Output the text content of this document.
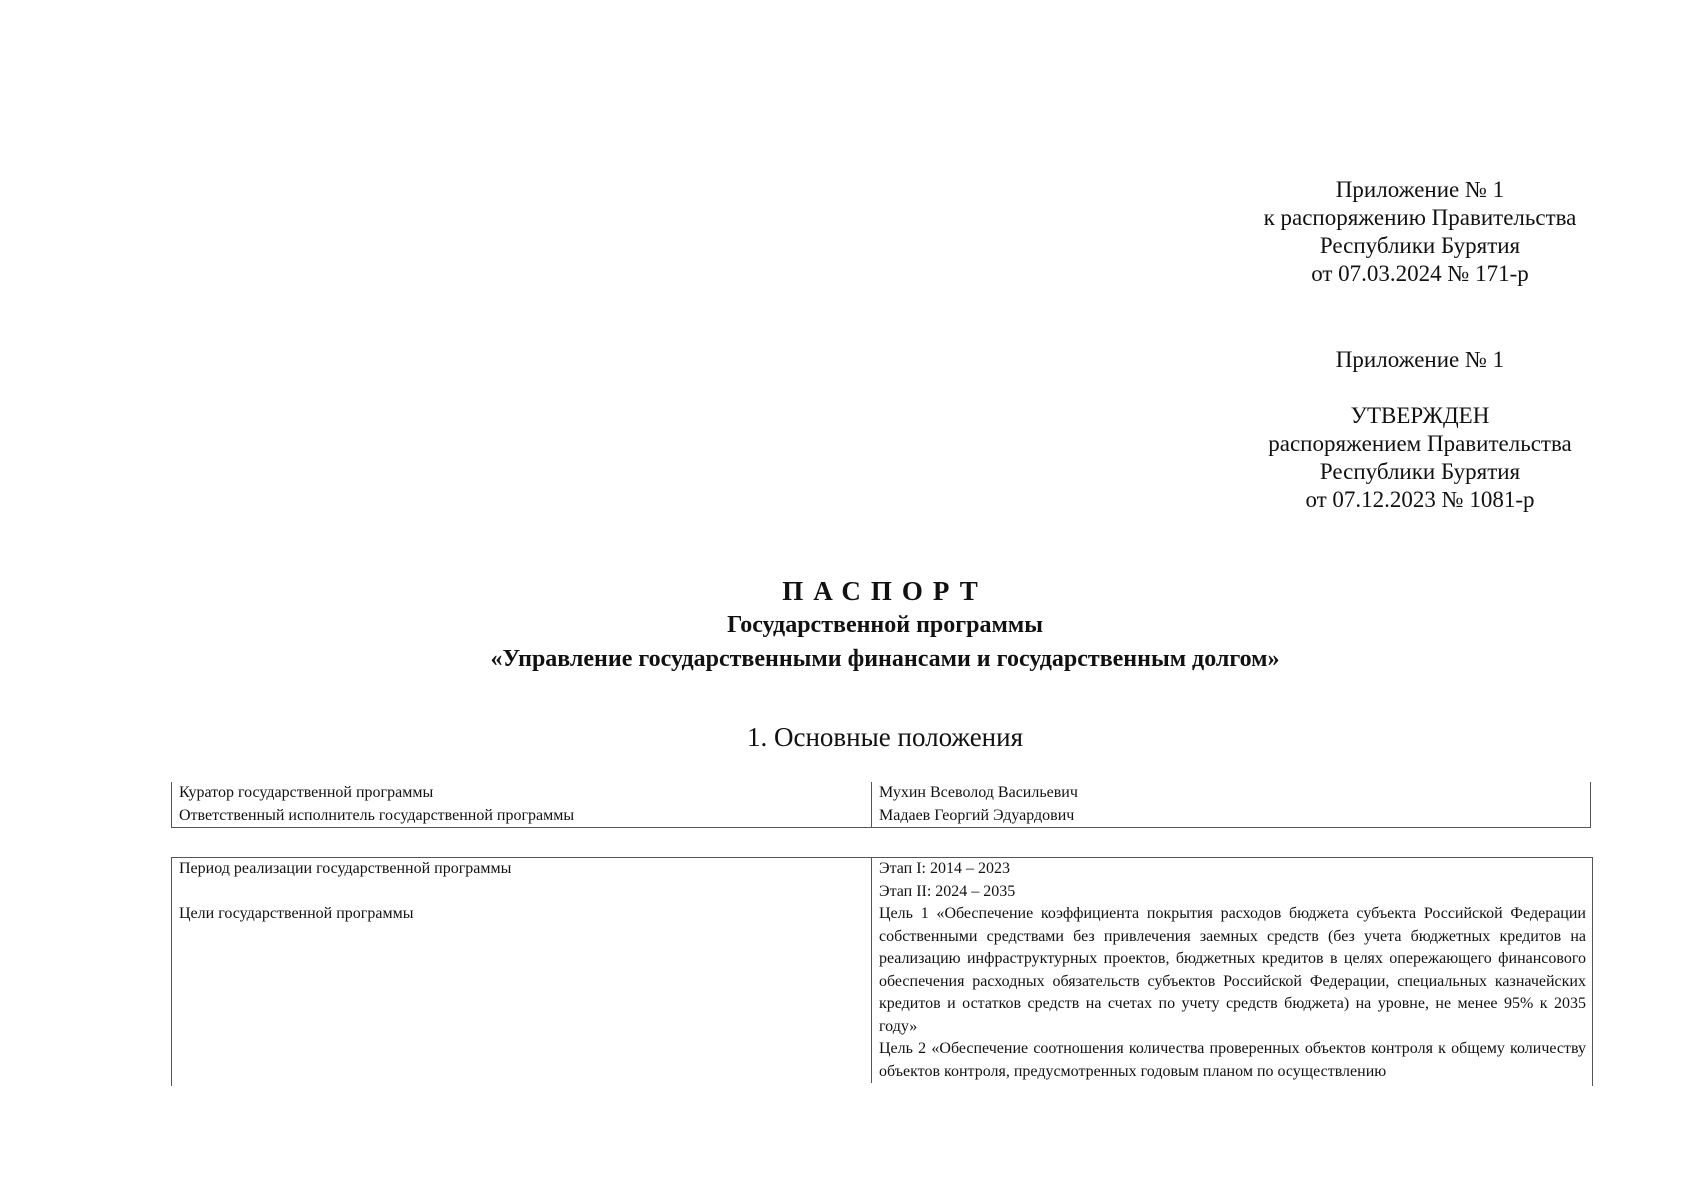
Приложение № 1
к распоряжению Правительства
Республики Бурятия
от 07.03.2024 № 171-р
Приложение № 1
УТВЕРЖДЕН
распоряжением Правительства
Республики Бурятия
от 07.12.2023 № 1081-р
ПАСПОРТ
Государственной программы
«Управление государственными финансами и государственным долгом»
1. Основные положения
Куратор государственной программы	Мухин Всеволод Васильевич
Ответственный исполнитель государственной программы	Мадаев Георгий Эдуардович
Период реализации государственной программы	Этап I: 2014 – 2023
Этап II: 2024 – 2035

Цели государственной программы	Цель 1 «Обеспечение коэффициента покрытия расходов бюджета субъекта Российской Федерации собственными средствами без привлечения заемных средств (без учета бюджетных кредитов на реализацию инфраструктурных проектов, бюджетных кредитов в целях опережающего финансового обеспечения расходных обязательств субъектов Российской Федерации, специальных казначейских кредитов и остатков средств на счетах по учету средств бюджета) на уровне, не менее 95% к 2035 году»
Цель 2 «Обеспечение соотношения количества проверенных объектов контроля к общему количеству объектов контроля, предусмотренных годовым планом по осуществлению
